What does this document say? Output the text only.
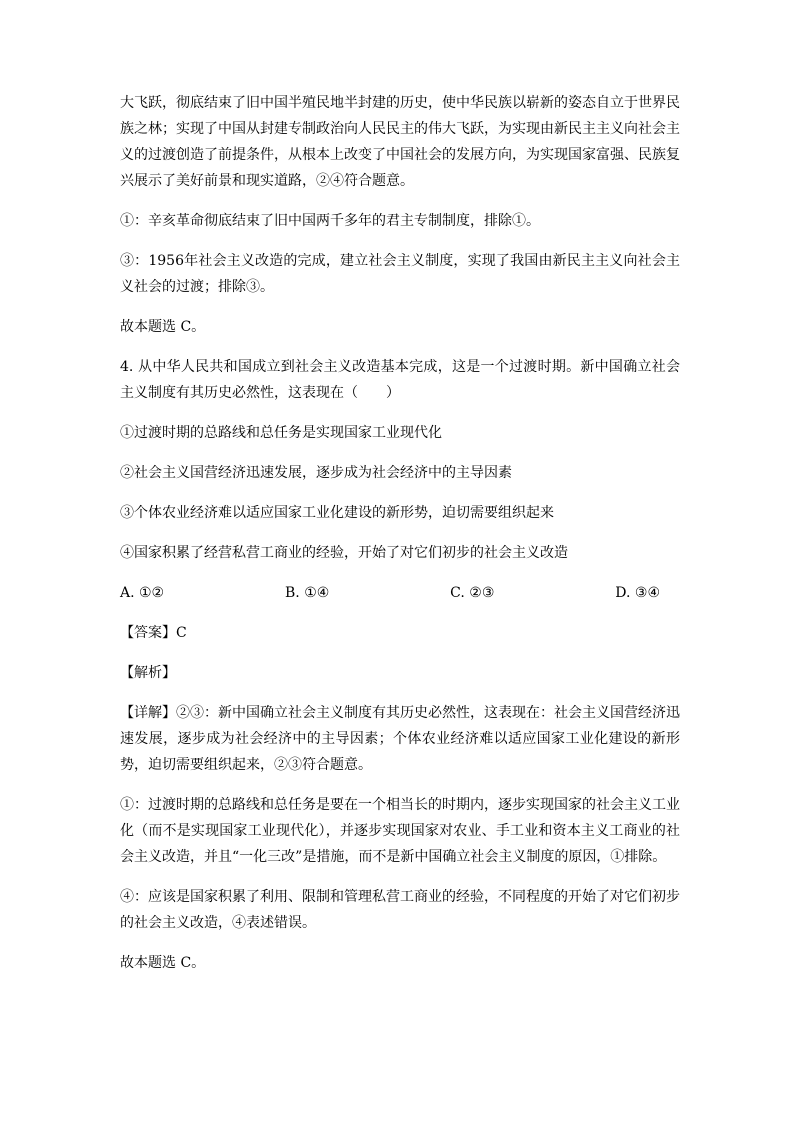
大飞跃，彻底结束了旧中国半殖民地半封建的历史，使中华民族以崭新的姿态自立于世界民族之林；实现了中国从封建专制政治向人民民主的伟大飞跃，为实现由新民主主义向社会主义的过渡创造了前提条件，从根本上改变了中国社会的发展方向，为实现国家富强、民族复兴展示了美好前景和现实道路，②④符合题意。

①：辛亥革命彻底结束了旧中国两千多年的君主专制制度，排除①。

③：1956年社会主义改造的完成，建立社会主义制度，实现了我国由新民主主义向社会主义社会的过渡；排除③。

故本题选 C。

4. 从中华人民共和国成立到社会主义改造基本完成，这是一个过渡时期。新中国确立社会主义制度有其历史必然性，这表现在（　　）

①过渡时期的总路线和总任务是实现国家工业现代化

②社会主义国营经济迅速发展，逐步成为社会经济中的主导因素

③个体农业经济难以适应国家工业化建设的新形势，迫切需要组织起来

④国家积累了经营私营工商业的经验，开始了对它们初步的社会主义改造

A. ①②	B. ①④	C. ②③	D. ③④

【答案】C

【解析】

【详解】②③：新中国确立社会主义制度有其历史必然性，这表现在：社会主义国营经济迅速发展，逐步成为社会经济中的主导因素；个体农业经济难以适应国家工业化建设的新形势，迫切需要组织起来，②③符合题意。

①：过渡时期的总路线和总任务是要在一个相当长的时期内，逐步实现国家的社会主义工业化（而不是实现国家工业现代化），并逐步实现国家对农业、手工业和资本主义工商业的社会主义改造，并且“一化三改”是措施，而不是新中国确立社会主义制度的原因，①排除。

④：应该是国家积累了利用、限制和管理私营工商业的经验，不同程度的开始了对它们初步的社会主义改造，④表述错误。

故本题选 C。
